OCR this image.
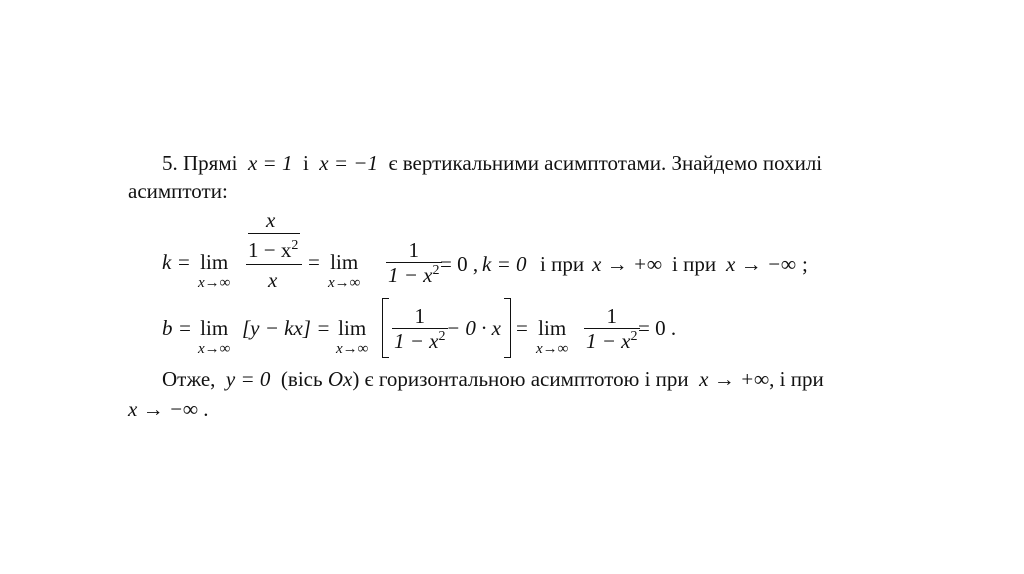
5. Прямі x = 1 і x = −1 є вертикальними асимптотами. Знайдемо похилі
асимптоти:
k = lim
x→∞
x
$1 - x^2$
x
= lim
$x\to\infty \frac{1}{1 - x^2}$
= 0 , k = 0 і при x → +∞ і при x → −∞ ;
b = lim
x→∞
[y − kx] = lim
$x\to\infty \frac{1}{1 - x^2}$
− 0 · x = lim
$x\to\infty \frac{1}{1 - x^2}$
= 0 .
Отже, y = 0 (вісь Ox) є горизонтальною асимптотою і при x → +∞, і при
x → −∞ .
